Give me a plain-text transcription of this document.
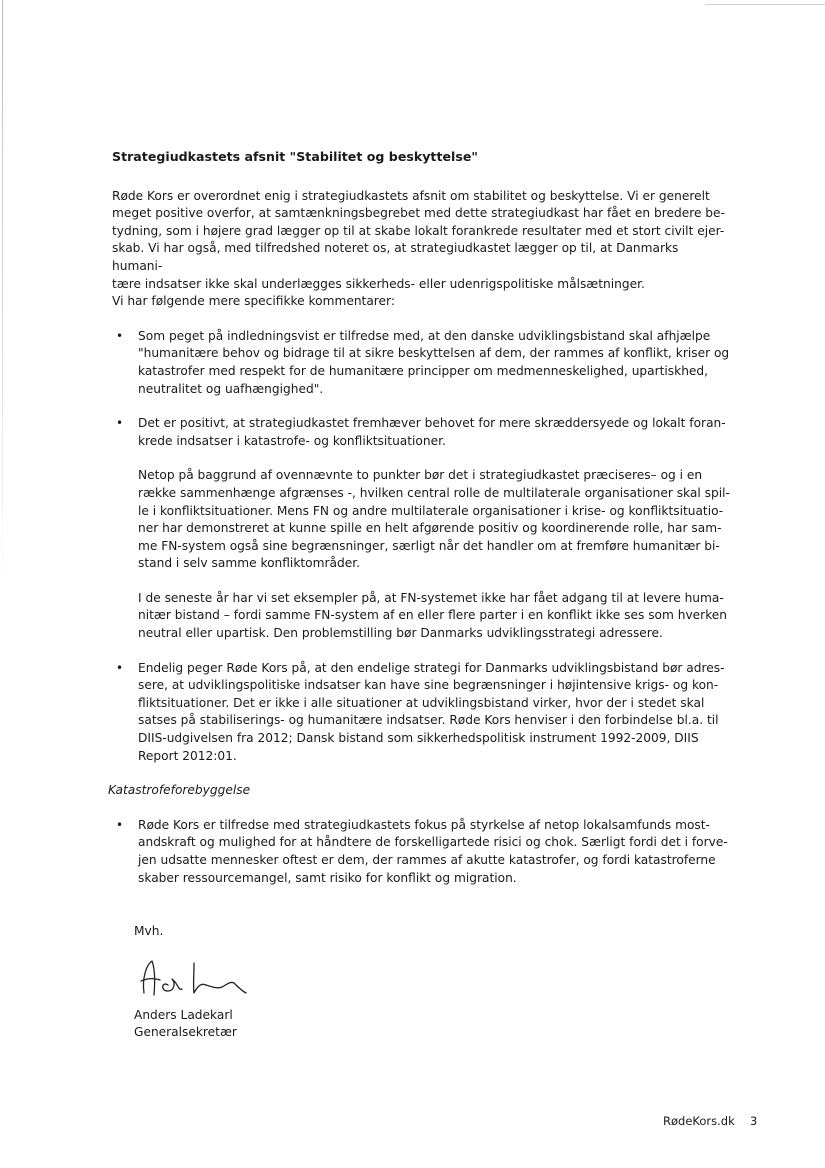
Strategiudkastets afsnit "Stabilitet og beskyttelse"

Røde Kors er overordnet enig i strategiudkastets afsnit om stabilitet og beskyttelse. Vi er generelt
meget positive overfor, at samtænkningsbegrebet med dette strategiudkast har fået en bredere be-
tydning, som i højere grad lægger op til at skabe lokalt forankrede resultater med et stort civilt ejer-
skab. Vi har også, med tilfredshed noteret os, at strategiudkastet lægger op til, at Danmarks humani-
tære indsatser ikke skal underlægges sikkerheds- eller udenrigspolitiske målsætninger.
Vi har følgende mere specifikke kommentarer:

• Som peget på indledningsvist er tilfredse med, at den danske udviklingsbistand skal afhjælpe
"humanitære behov og bidrage til at sikre beskyttelsen af dem, der rammes af konflikt, kriser og
katastrofer med respekt for de humanitære principper om medmenneskelighed, upartiskhed,
neutralitet og uafhængighed".

• Det er positivt, at strategiudkastet fremhæver behovet for mere skræddersyede og lokalt foran-
krede indsatser i katastrofe- og konfliktsituationer.

Netop på baggrund af ovennævnte to punkter bør det i strategiudkastet præciseres– og i en
række sammenhænge afgrænses -, hvilken central rolle de multilaterale organisationer skal spil-
le i konfliktsituationer. Mens FN og andre multilaterale organisationer i krise- og konfliktsituatio-
ner har demonstreret at kunne spille en helt afgørende positiv og koordinerende rolle, har sam-
me FN-system også sine begrænsninger, særligt når det handler om at fremføre humanitær bi-
stand i selv samme konfliktområder.

I de seneste år har vi set eksempler på, at FN-systemet ikke har fået adgang til at levere huma-
nitær bistand – fordi samme FN-system af en eller flere parter i en konflikt ikke ses som hverken
neutral eller upartisk. Den problemstilling bør Danmarks udviklingsstrategi adressere.

• Endelig peger Røde Kors på, at den endelige strategi for Danmarks udviklingsbistand bør adres-
sere, at udviklingspolitiske indsatser kan have sine begrænsninger i højintensive krigs- og kon-
fliktsituationer. Det er ikke i alle situationer at udviklingsbistand virker, hvor der i stedet skal
satses på stabiliserings- og humanitære indsatser. Røde Kors henviser i den forbindelse bl.a. til
DIIS-udgivelsen fra 2012; Dansk bistand som sikkerhedspolitisk instrument 1992-2009, DIIS
Report 2012:01.

Katastrofeforebyggelse

• Røde Kors er tilfredse med strategiudkastets fokus på styrkelse af netop lokalsamfunds most-
andskraft og mulighed for at håndtere de forskelligartede risici og chok. Særligt fordi det i forve-
jen udsatte mennesker oftest er dem, der rammes af akutte katastrofer, og fordi katastroferne
skaber ressourcemangel, samt risiko for konflikt og migration.

Mvh.

Anders Ladekarl

Generalsekretær

RødeKors.dk 3
